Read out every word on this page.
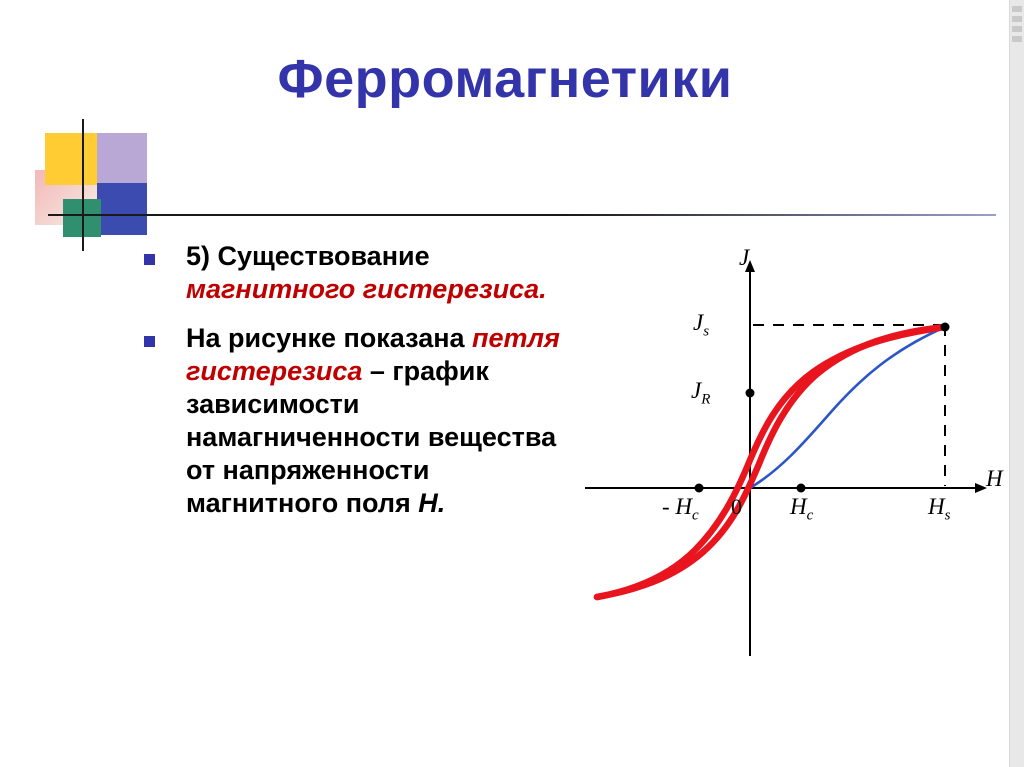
Ферромагнетики
5) Существование магнитного гистерезиса.
На рисунке показана петля гистерезиса – график зависимости намагниченности вещества от напряженности магнитного поля H.
H
J
$J_s$
$J_R$
0
- $H_c$	$H_c$	$H_s$
